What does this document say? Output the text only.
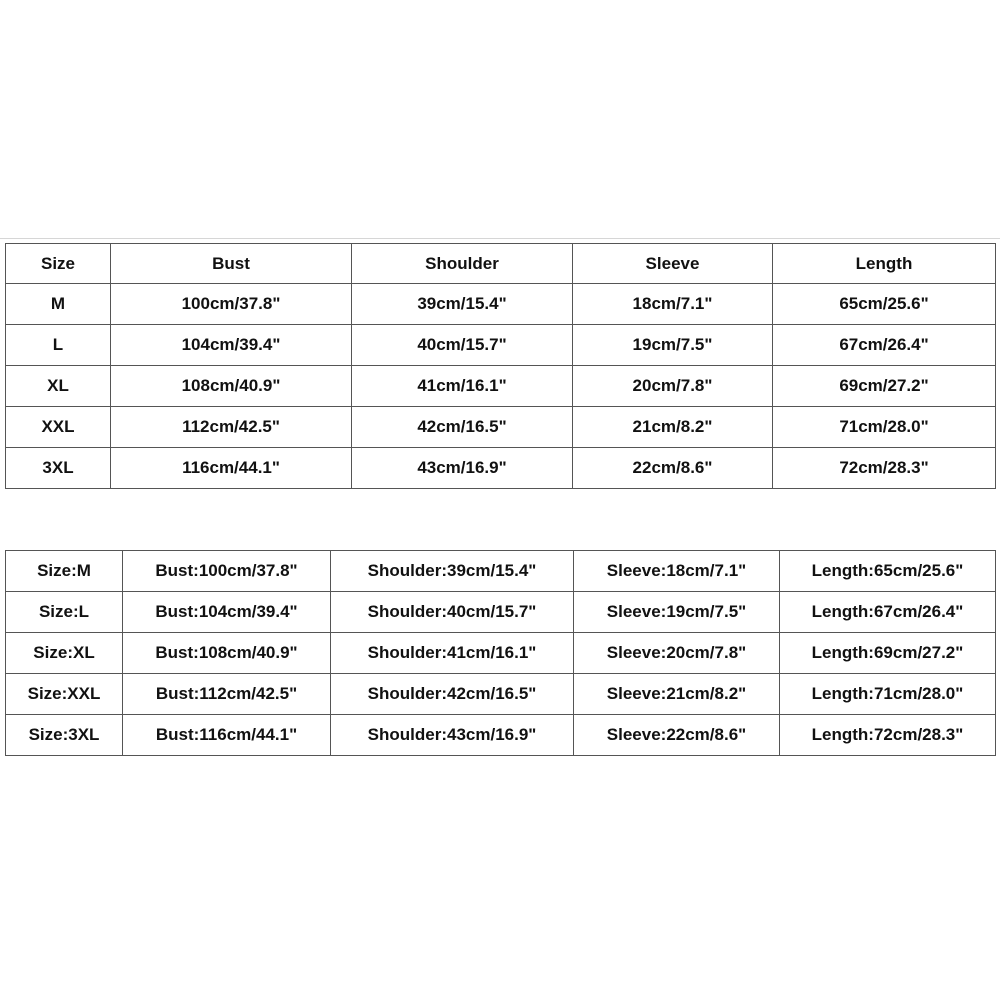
Size	Bust	Shoulder	Sleeve	Length
M	100cm/37.8"	39cm/15.4"	18cm/7.1"	65cm/25.6"
L	104cm/39.4"	40cm/15.7"	19cm/7.5"	67cm/26.4"
XL	108cm/40.9"	41cm/16.1"	20cm/7.8"	69cm/27.2"
XXL	112cm/42.5"	42cm/16.5"	21cm/8.2"	71cm/28.0"
3XL	116cm/44.1"	43cm/16.9"	22cm/8.6"	72cm/28.3"
Size:M	Bust:100cm/37.8"	Shoulder:39cm/15.4"	Sleeve:18cm/7.1"	Length:65cm/25.6"
Size:L	Bust:104cm/39.4"	Shoulder:40cm/15.7"	Sleeve:19cm/7.5"	Length:67cm/26.4"
Size:XL	Bust:108cm/40.9"	Shoulder:41cm/16.1"	Sleeve:20cm/7.8"	Length:69cm/27.2"
Size:XXL	Bust:112cm/42.5"	Shoulder:42cm/16.5"	Sleeve:21cm/8.2"	Length:71cm/28.0"
Size:3XL	Bust:116cm/44.1"	Shoulder:43cm/16.9"	Sleeve:22cm/8.6"	Length:72cm/28.3"
